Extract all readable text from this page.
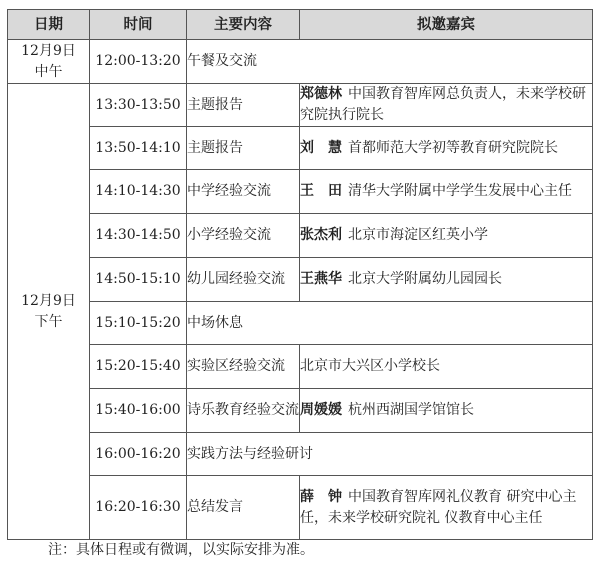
日期	时间	主要内容	拟邀嘉宾
12月9日
中午	12:00-13:20	午餐及交流	
12月9日
下午	13:30-13:50	主题报告	郑德林 中国教育智库网总负责人，未来学校研究院执行院长
	13:50-14:10	主题报告	刘　慧 首都师范大学初等教育研究院院长
	14:10-14:30	中学经验交流	王　田 清华大学附属中学学生发展中心主任
	14:30-14:50	小学经验交流	张杰利 北京市海淀区红英小学
	14:50-15:10	幼儿园经验交流	王燕华 北京大学附属幼儿园园长
	15:10-15:20	中场休息	
	15:20-15:40	实验区经验交流	北京市大兴区小学校长
	15:40-16:00	诗乐教育经验交流	周媛媛 杭州西湖国学馆馆长
	16:00-16:20	实践方法与经验研讨	
	16:20-16:30	总结发言	薛　钟 中国教育智库网礼仪教育 研究中心主任，未来学校研究院礼 仪教育中心主任
注：具体日程或有微调，以实际安排为准。
